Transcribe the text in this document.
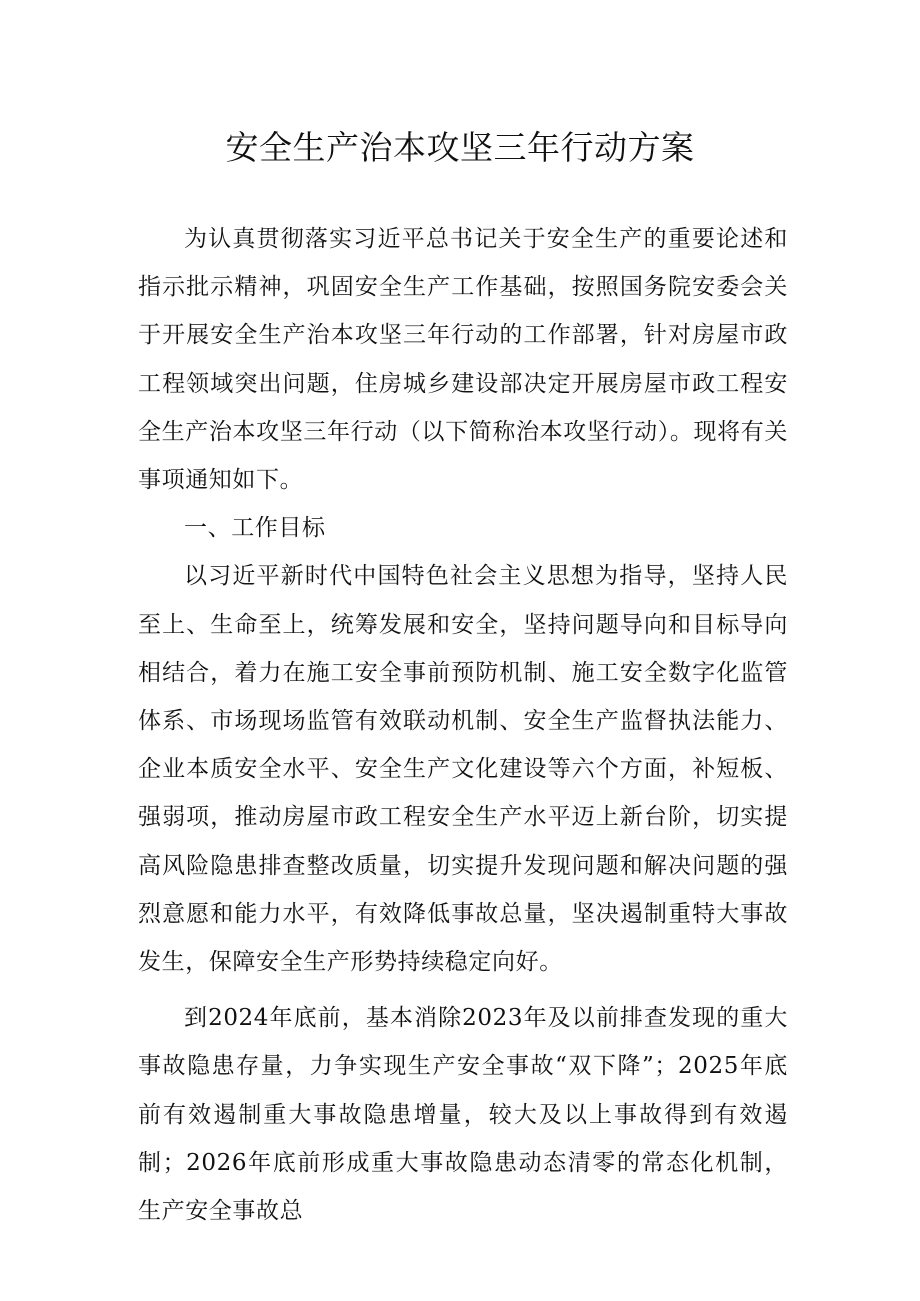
安全生产治本攻坚三年行动方案

为认真贯彻落实习近平总书记关于安全生产的重要论述和指示批示精神，巩固安全生产工作基础，按照国务院安委会关于开展安全生产治本攻坚三年行动的工作部署，针对房屋市政工程领域突出问题，住房城乡建设部决定开展房屋市政工程安全生产治本攻坚三年行动（以下简称治本攻坚行动）。现将有关事项通知如下。

一、工作目标

以习近平新时代中国特色社会主义思想为指导，坚持人民至上、生命至上，统筹发展和安全，坚持问题导向和目标导向相结合，着力在施工安全事前预防机制、施工安全数字化监管体系、市场现场监管有效联动机制、安全生产监督执法能力、企业本质安全水平、安全生产文化建设等六个方面，补短板、强弱项，推动房屋市政工程安全生产水平迈上新台阶，切实提高风险隐患排查整改质量，切实提升发现问题和解决问题的强烈意愿和能力水平，有效降低事故总量，坚决遏制重特大事故发生，保障安全生产形势持续稳定向好。

到2024年底前，基本消除2023年及以前排查发现的重大事故隐患存量，力争实现生产安全事故“双下降”；2025年底前有效遏制重大事故隐患增量，较大及以上事故得到有效遏制；2026年底前形成重大事故隐患动态清零的常态化机制，生产安全事故总
